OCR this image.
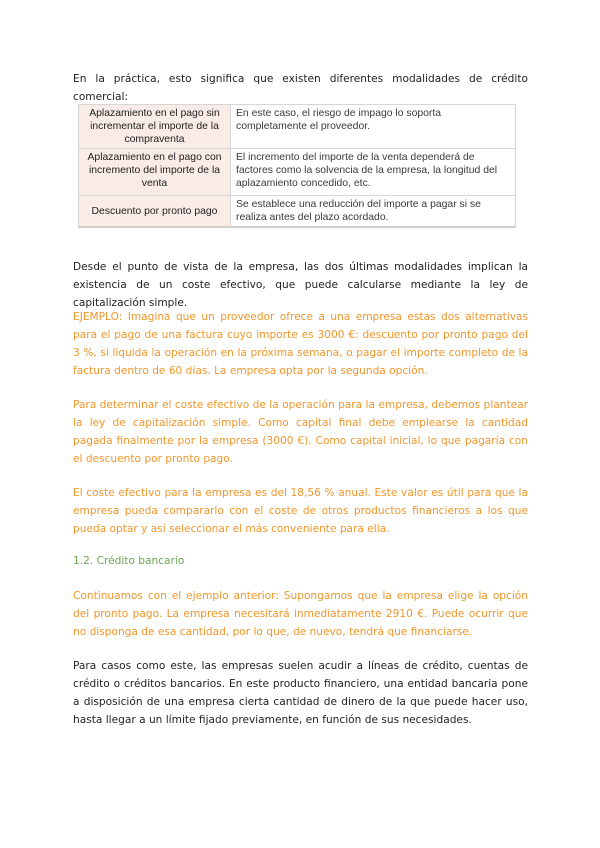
En la práctica, esto significa que existen diferentes modalidades de crédito comercial:

Aplazamiento en el pago sin incrementar el importe de la compraventa	En este caso, el riesgo de impago lo soporta completamente el proveedor.
Aplazamiento en el pago con incremento del importe de la venta	El incremento del importe de la venta dependerá de factores como la solvencia de la empresa, la longitud del aplazamiento concedido, etc.
Descuento por pronto pago	Se establece una reducción del importe a pagar si se realiza antes del plazo acordado.

Desde el punto de vista de la empresa, las dos últimas modalidades implican la existencia de un coste efectivo, que puede calcularse mediante la ley de capitalización simple.

EJEMPLO: Imagina que un proveedor ofrece a una empresa estas dos alternativas para el pago de una factura cuyo importe es 3000 €: descuento por pronto pago del 3 %, si liquida la operación en la próxima semana, o pagar el importe completo de la factura dentro de 60 días. La empresa opta por la segunda opción.

Para determinar el coste efectivo de la operación para la empresa, debemos plantear la ley de capitalización simple. Como capital final debe emplearse la cantidad pagada finalmente por la empresa (3000 €). Como capital inicial, lo que pagaría con el descuento por pronto pago.

El coste efectivo para la empresa es del 18,56 % anual. Este valor es útil para que la empresa pueda compararlo con el coste de otros productos financieros a los que pueda optar y así seleccionar el más conveniente para ella.

1.2. Crédito bancario

Continuamos con el ejemplo anterior: Supongamos que la empresa elige la opción del pronto pago. La empresa necesitará inmediatamente 2910 €. Puede ocurrir que no disponga de esa cantidad, por lo que, de nuevo, tendrá que financiarse.

Para casos como este, las empresas suelen acudir a líneas de crédito, cuentas de crédito o créditos bancarios. En este producto financiero, una entidad bancaria pone a disposición de una empresa cierta cantidad de dinero de la que puede hacer uso, hasta llegar a un límite fijado previamente, en función de sus necesidades.
